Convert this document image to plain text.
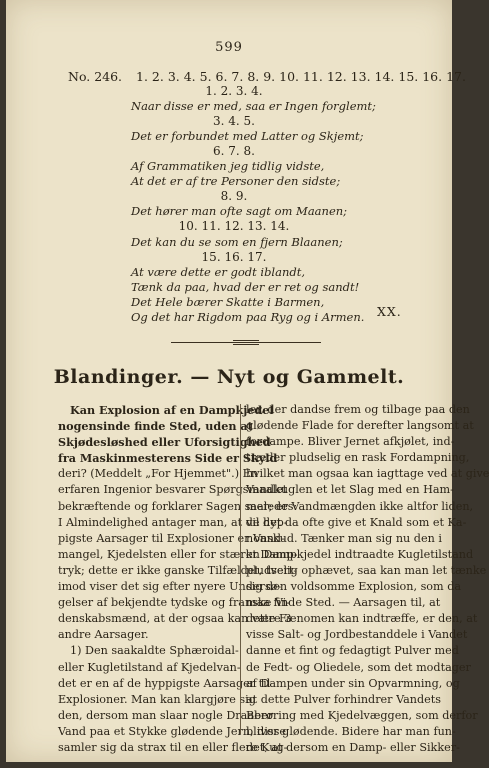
599
No. 246. 1. 2. 3. 4. 5. 6. 7. 8. 9. 10. 11. 12. 13. 14. 15. 16. 17.
1. 2. 3. 4.
Naar disse er med, saa er Ingen forglemt;
3. 4. 5.
Det er forbundet med Latter og Skjemt;
6. 7. 8.
Af Grammatiken jeg tidlig vidste,
At det er af tre Personer den sidste;
8. 9.
Det hører man ofte sagt om Maanen;
10. 11. 12. 13. 14.
Det kan du se som en fjern Blaanen;
15. 16. 17.
At være dette er godt iblandt,
Tænk da paa, hvad der er ret og sandt!
Det Hele bærer Skatte i Barmen,
Og det har Rigdom paa Ryg og i Armen.	XX.
Blandinger. — Nyt og Gammelt.
Kan Explosion af en Dampkjedel
nogensinde finde Sted, uden at
Skjødesløshed eller Uforsigtighed
fra Maskinmesterens Side er Skyld
deri? (Meddelt „For Hjemmet".) En
erfaren Ingenior besvarer Spørgsmaalet
bekræftende og forklarer Sagen saaledes:
I Almindelighed antager man, at de hyp-
pigste Aarsager til Explosioner er Vand-
mangel, Kjedelsten eller for stærkt Damp-
tryk; dette er ikke ganske Tilfældet, tvert-
imod viser det sig efter nyere Undersø-
gelser af bekjendte tydske og franske Vi-
denskabsmænd, at der ogsaa kan være 3
andre Aarsager.
1) Den saakaldte Sphæroidal-
eller Kugletilstand af Kjedelvan-
det er en af de hyppigste Aarsager til
Explosioner. Man kan klargjøre sig
den, dersom man slaar nogle Draaber
Vand paa et Stykke glødende Jern, disse
samler sig da strax til en eller flere Kug-
ler, der dandse frem og tilbage paa den
glødende Flade for derefter langsomt at
fordampe. Bliver Jernet afkjølet, ind-
træder pludselig en rask Fordampning,
hvilket man ogsaa kan iagttage ved at give
Vandkuglen et let Slag med en Ham-
mer; er Vandmængden ikke altfor liden,
vil det da ofte give et Knald som et Ka-
nonskud. Tænker man sig nu den i
en Dampkjedel indtraadte Kugletilstand
pludselig ophævet, saa kan man let tænke
sig den voldsomme Explosion, som da
maa finde Sted. — Aarsagen til, at
dette Fænomen kan indtræffe, er den, at
visse Salt- og Jordbestanddele i Vandet
danne et fint og fedagtigt Pulver med
de Fedt- og Oliedele, som det modtager
af Dampen under sin Opvarmning, og
at dette Pulver forhindrer Vandets
Berøring med Kjedelvæggen, som derfor
bliver glødende. Bidere har man fun-
det, at dersom en Damp- eller Sikker-
